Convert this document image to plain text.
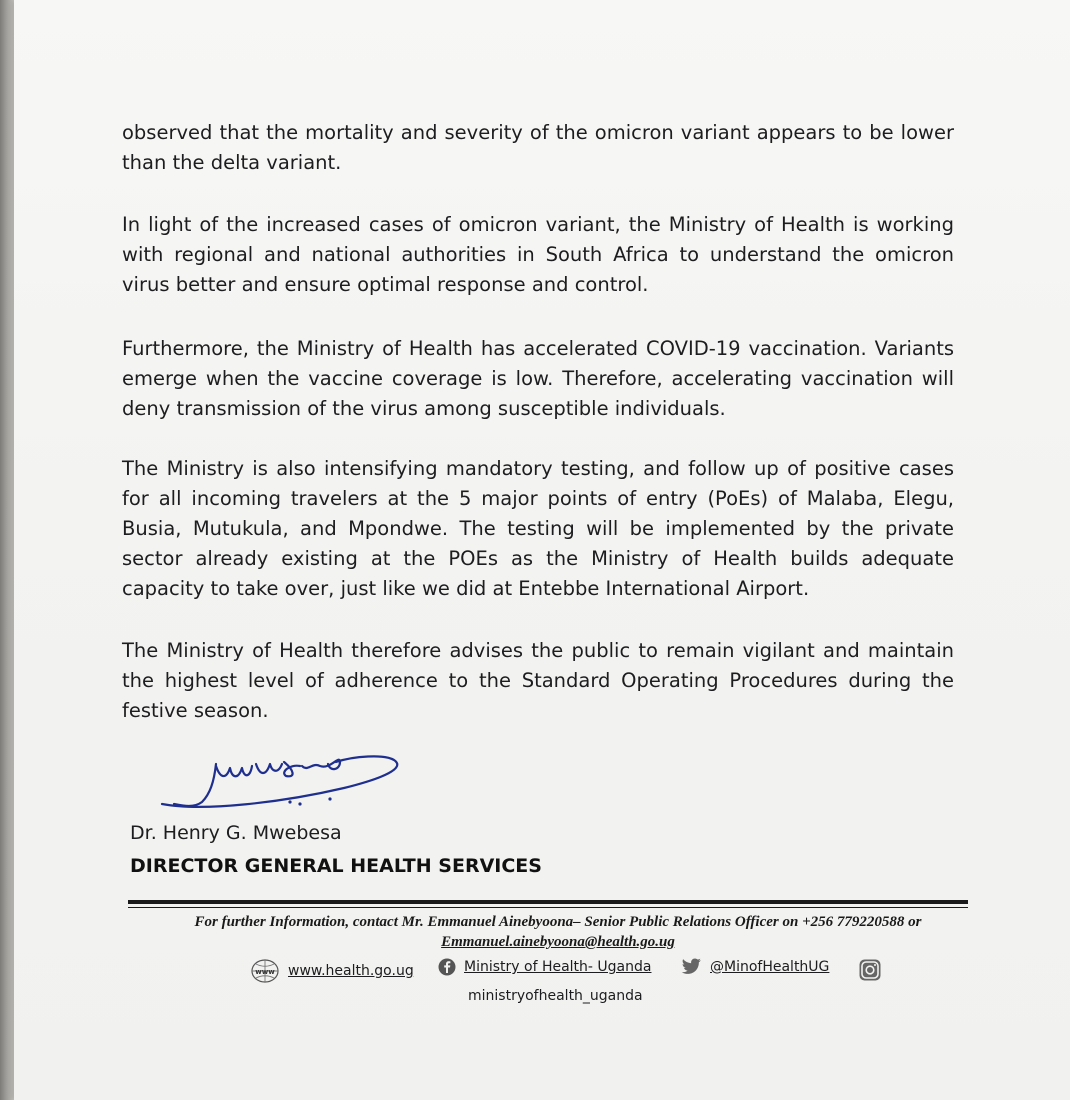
observed that the mortality and severity of the omicron variant appears to be lower than the delta variant.

In light of the increased cases of omicron variant, the Ministry of Health is working with regional and national authorities in South Africa to understand the omicron virus better and ensure optimal response and control.

Furthermore, the Ministry of Health has accelerated COVID-19 vaccination. Variants emerge when the vaccine coverage is low. Therefore, accelerating vaccination will deny transmission of the virus among susceptible individuals.

The Ministry is also intensifying mandatory testing, and follow up of positive cases for all incoming travelers at the 5 major points of entry (PoEs) of Malaba, Elegu, Busia, Mutukula, and Mpondwe. The testing will be implemented by the private sector already existing at the POEs as the Ministry of Health builds adequate capacity to take over, just like we did at Entebbe International Airport.

The Ministry of Health therefore advises the public to remain vigilant and maintain the highest level of adherence to the Standard Operating Procedures during the festive season.

Dr. Henry G. Mwebesa

DIRECTOR GENERAL HEALTH SERVICES

For further Information, contact Mr. Emmanuel Ainebyoona– Senior Public Relations Officer on +256 779220588 or Emmanuel.ainebyoona@health.go.ug

www www.health.go.ug	Ministry of Health- Uganda	@MinofHealthUG
ministryofhealth_uganda
